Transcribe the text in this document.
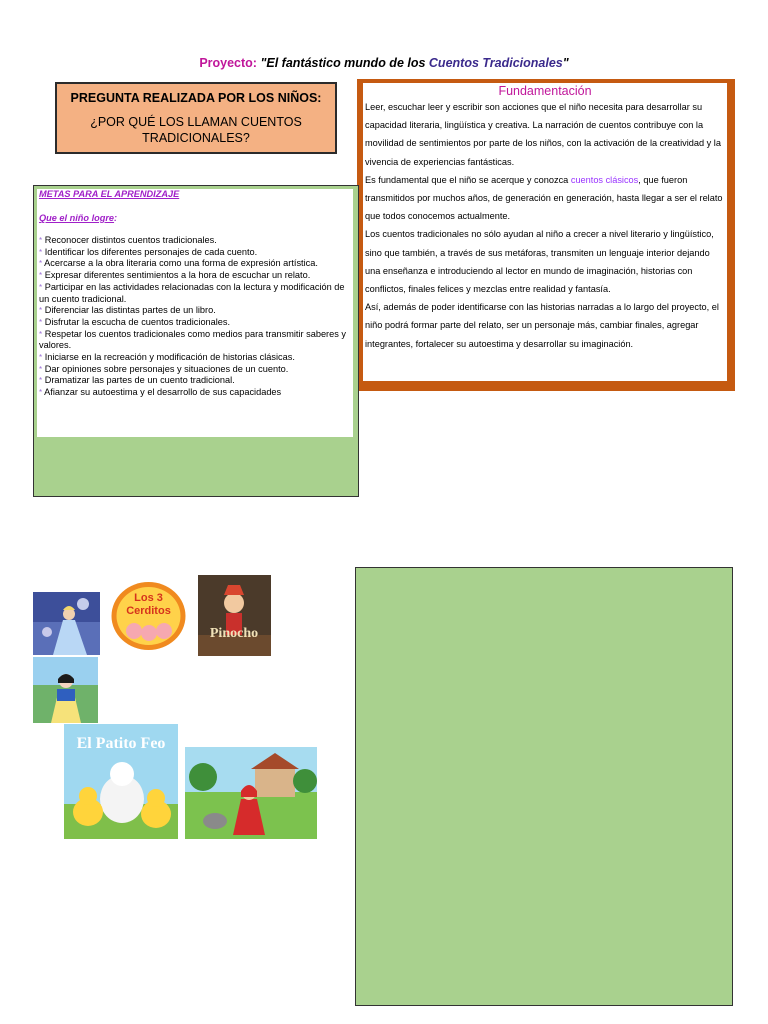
Proyecto: "El fantástico mundo de los Cuentos Tradicionales"
PREGUNTA REALIZADA POR LOS NIÑOS:
¿POR QUÉ LOS LLAMAN CUENTOS TRADICIONALES?
Fundamentación
Leer, escuchar leer y escribir son acciones que el niño necesita para desarrollar su capacidad literaria, lingüística y creativa. La narración de cuentos contribuye con la movilidad de sentimientos por parte de los niños, con la activación de la creatividad y la vivencia de experiencias fantásticas.
Es fundamental que el niño se acerque y conozca cuentos clásicos, que fueron transmitidos por muchos años, de generación en generación, hasta llegar a ser el relato que todos conocemos actualmente.
Los cuentos tradicionales no sólo ayudan al niño a crecer a nivel literario y lingüístico, sino que también, a través de sus metáforas, transmiten un lenguaje interior dejando una enseñanza e introduciendo al lector en mundo de imaginación, historias con conflictos, finales felices y mezclas entre realidad y fantasía.
Así, además de poder identificarse con las historias narradas a lo largo del proyecto, el niño podrá formar parte del relato, ser un personaje más, cambiar finales, agregar integrantes, fortalecer su autoestima y desarrollar su imaginación.
METAS PARA EL APRENDIZAJE
Que el niño logre:
* Reconocer distintos cuentos tradicionales.
* Identificar los diferentes personajes de cada cuento.
* Acercarse a la obra literaria como una forma de expresión artística.
* Expresar diferentes sentimientos a la hora de escuchar un relato.
* Participar en las actividades relacionadas con la lectura y modificación de un cuento tradicional.
* Diferenciar las distintas partes de un libro.
* Disfrutar la escucha de cuentos tradicionales.
* Respetar los cuentos tradicionales como medios para transmitir saberes y valores.
* Iniciarse en la recreación y modificación de historias clásicas.
* Dar opiniones sobre personajes y situaciones de un cuento.
* Dramatizar las partes de un cuento tradicional.
* Afianzar su autoestima y el desarrollo de sus capacidades
Los 3
Cerditos
Pinocho
El Patito Feo
